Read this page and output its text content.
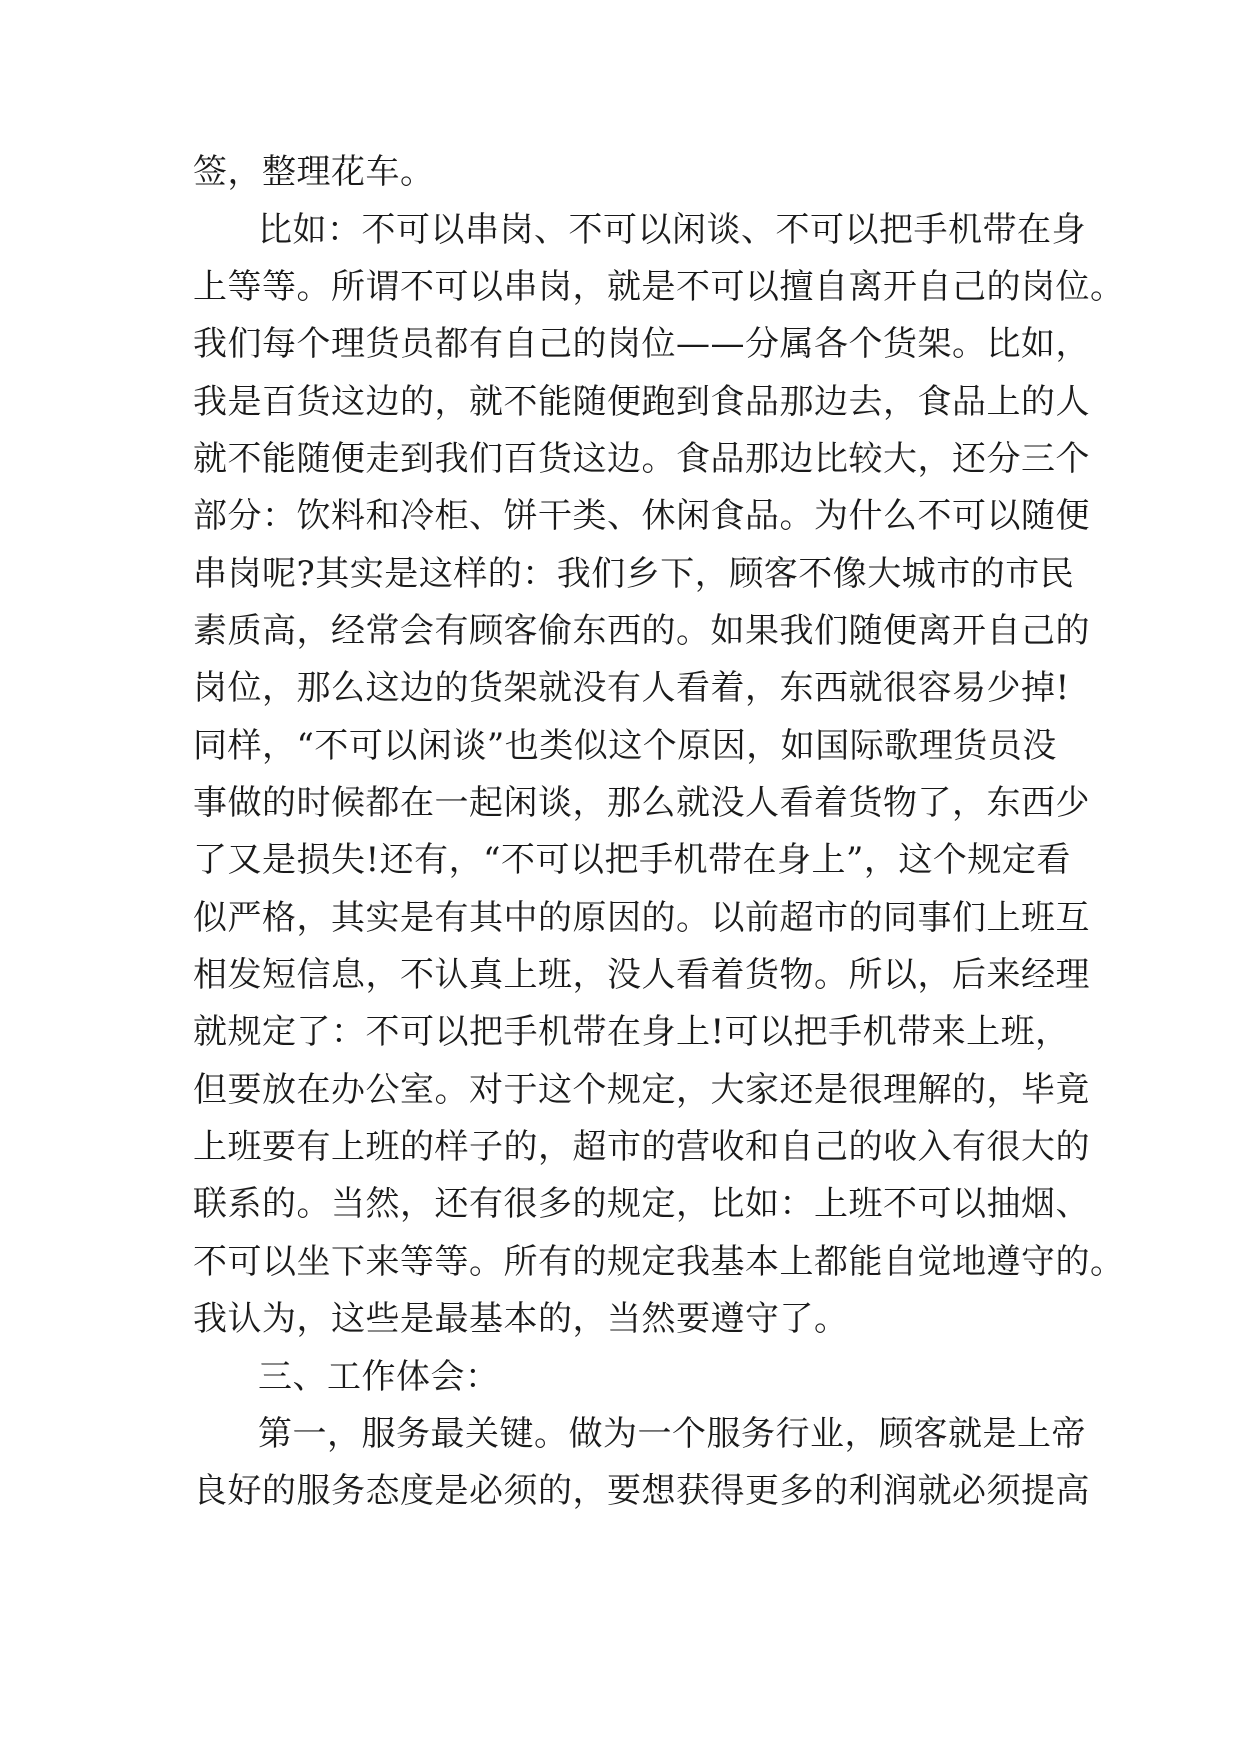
签，整理花车。

比如：不可以串岗、不可以闲谈、不可以把手机带在身

上等等。所谓不可以串岗，就是不可以擅自离开自己的岗位。

我们每个理货员都有自己的岗位——分属各个货架。比如，

我是百货这边的，就不能随便跑到食品那边去，食品上的人

就不能随便走到我们百货这边。食品那边比较大，还分三个

部分：饮料和冷柜、饼干类、休闲食品。为什么不可以随便

串岗呢?其实是这样的：我们乡下，顾客不像大城市的市民

素质高，经常会有顾客偷东西的。如果我们随便离开自己的

岗位，那么这边的货架就没有人看着，东西就很容易少掉!

同样，“不可以闲谈”也类似这个原因，如国际歌理货员没

事做的时候都在一起闲谈，那么就没人看着货物了，东西少

了又是损失!还有，“不可以把手机带在身上”，这个规定看

似严格，其实是有其中的原因的。以前超市的同事们上班互

相发短信息，不认真上班，没人看着货物。所以，后来经理

就规定了：不可以把手机带在身上!可以把手机带来上班，

但要放在办公室。对于这个规定，大家还是很理解的，毕竟

上班要有上班的样子的，超市的营收和自己的收入有很大的

联系的。当然，还有很多的规定，比如：上班不可以抽烟、

不可以坐下来等等。所有的规定我基本上都能自觉地遵守的。

我认为，这些是最基本的，当然要遵守了。

三、工作体会：

第一，服务最关键。做为一个服务行业，顾客就是上帝

良好的服务态度是必须的，要想获得更多的利润就必须提高
